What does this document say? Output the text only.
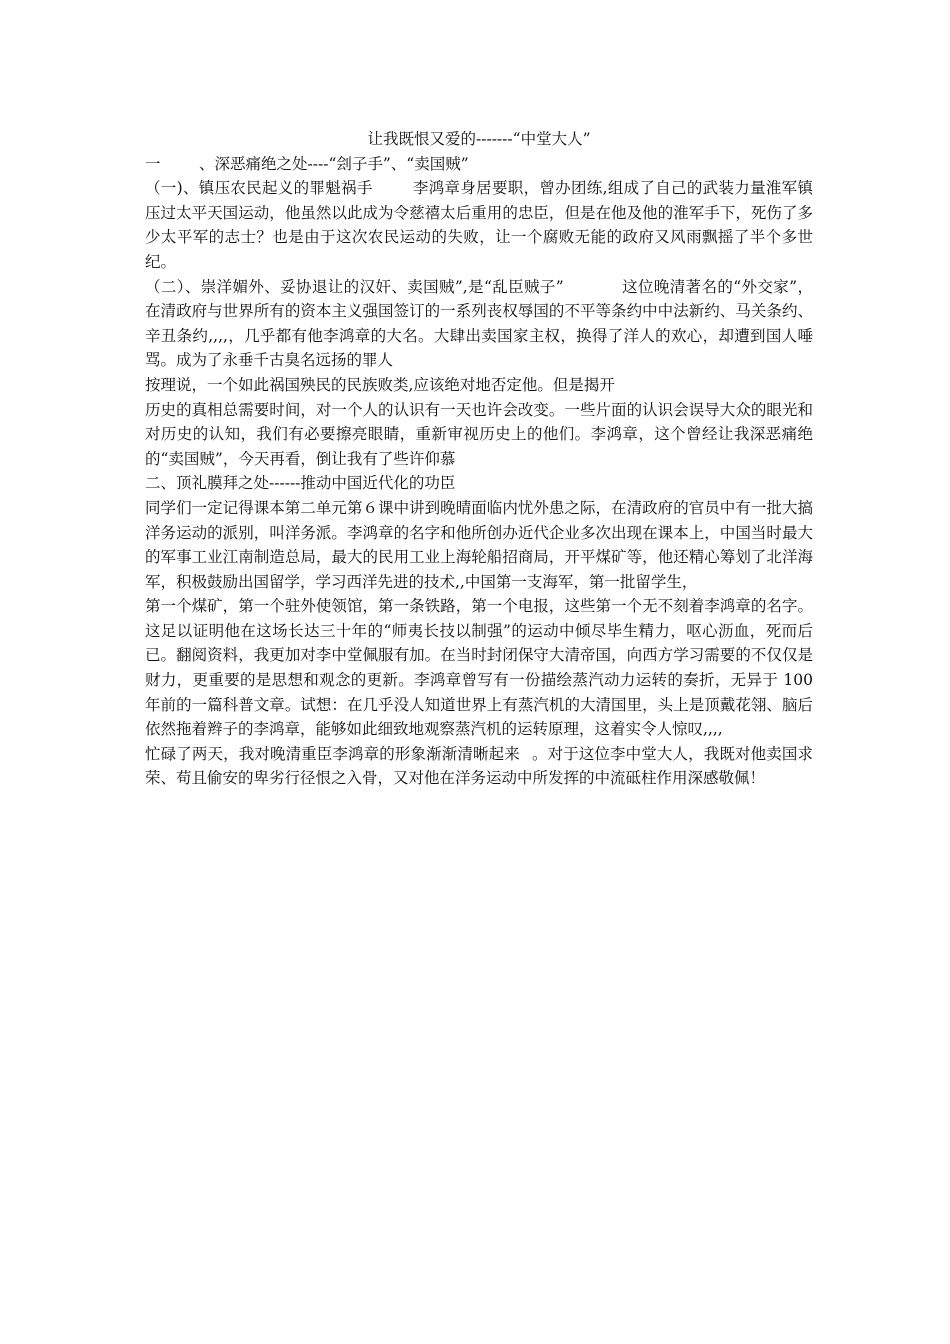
让我既恨又爱的-------“中堂大人”
一 、深恶痛绝之处----“刽子手”、“卖国贼”

（一)、镇压农民起义的罪魁祸手	李鸿章身居要职，曾办团练,组成了自己的武装力量淮军镇压过太平天国运动，他虽然以此成为令慈禧太后重用的忠臣，但是在他及他的淮军手下，死伤了多少太平军的志士？也是由于这次农民运动的失败，让一个腐败无能的政府又风雨飘摇了半个多世纪。

（二）、崇洋媚外、妥协退让的汉奸、卖国贼”,是“乱臣贼子”	这位晚清著名的“外交家”，在清政府与世界所有的资本主义强国签订的一系列丧权辱国的不平等条约中中法新约、马关条约、辛丑条约,,,,，几乎都有他李鸿章的大名。大肆出卖国家主权，换得了洋人的欢心，却遭到国人唾骂。成为了永垂千古臭名远扬的罪人

按理说，一个如此祸国殃民的民族败类,应该绝对地否定他。但是揭开

历史的真相总需要时间，对一个人的认识有一天也许会改变。一些片面的认识会误导大众的眼光和对历史的认知，我们有必要擦亮眼睛，重新审视历史上的他们。李鸿章，这个曾经让我深恶痛绝的“卖国贼”，今天再看，倒让我有了些许仰慕

二、顶礼膜拜之处------推动中国近代化的功臣

同学们一定记得课本第二单元第６课中讲到晚晴面临内忧外患之际，在清政府的官员中有一批大搞洋务运动的派别，叫洋务派。李鸿章的名字和他所创办近代企业多次出现在课本上，中国当时最大的军事工业江南制造总局，最大的民用工业上海轮船招商局，开平煤矿等，他还精心筹划了北洋海军，积极鼓励出国留学，学习西洋先进的技术,,中国第一支海军，第一批留学生，

第一个煤矿，第一个驻外使领馆，第一条铁路，第一个电报，这些第一个无不刻着李鸿章的名字。这足以证明他在这场长达三十年的“师夷长技以制强”的运动中倾尽毕生精力，呕心沥血，死而后已。翻阅资料，我更加对李中堂佩服有加。在当时封闭保守大清帝国，向西方学习需要的不仅仅是财力，更重要的是思想和观念的更新。李鸿章曾写有一份描绘蒸汽动力运转的奏折，无异于 100 年前的一篇科普文章。试想：在几乎没人知道世界上有蒸汽机的大清国里，头上是顶戴花翎、脑后依然拖着辫子的李鸿章，能够如此细致地观察蒸汽机的运转原理，这着实令人惊叹,,,,

忙碌了两天，我对晚清重臣李鸿章的形象渐渐清晰起来 。对于这位李中堂大人，我既对他卖国求荣、苟且偷安的卑劣行径恨之入骨，又对他在洋务运动中所发挥的中流砥柱作用深感敬佩！
